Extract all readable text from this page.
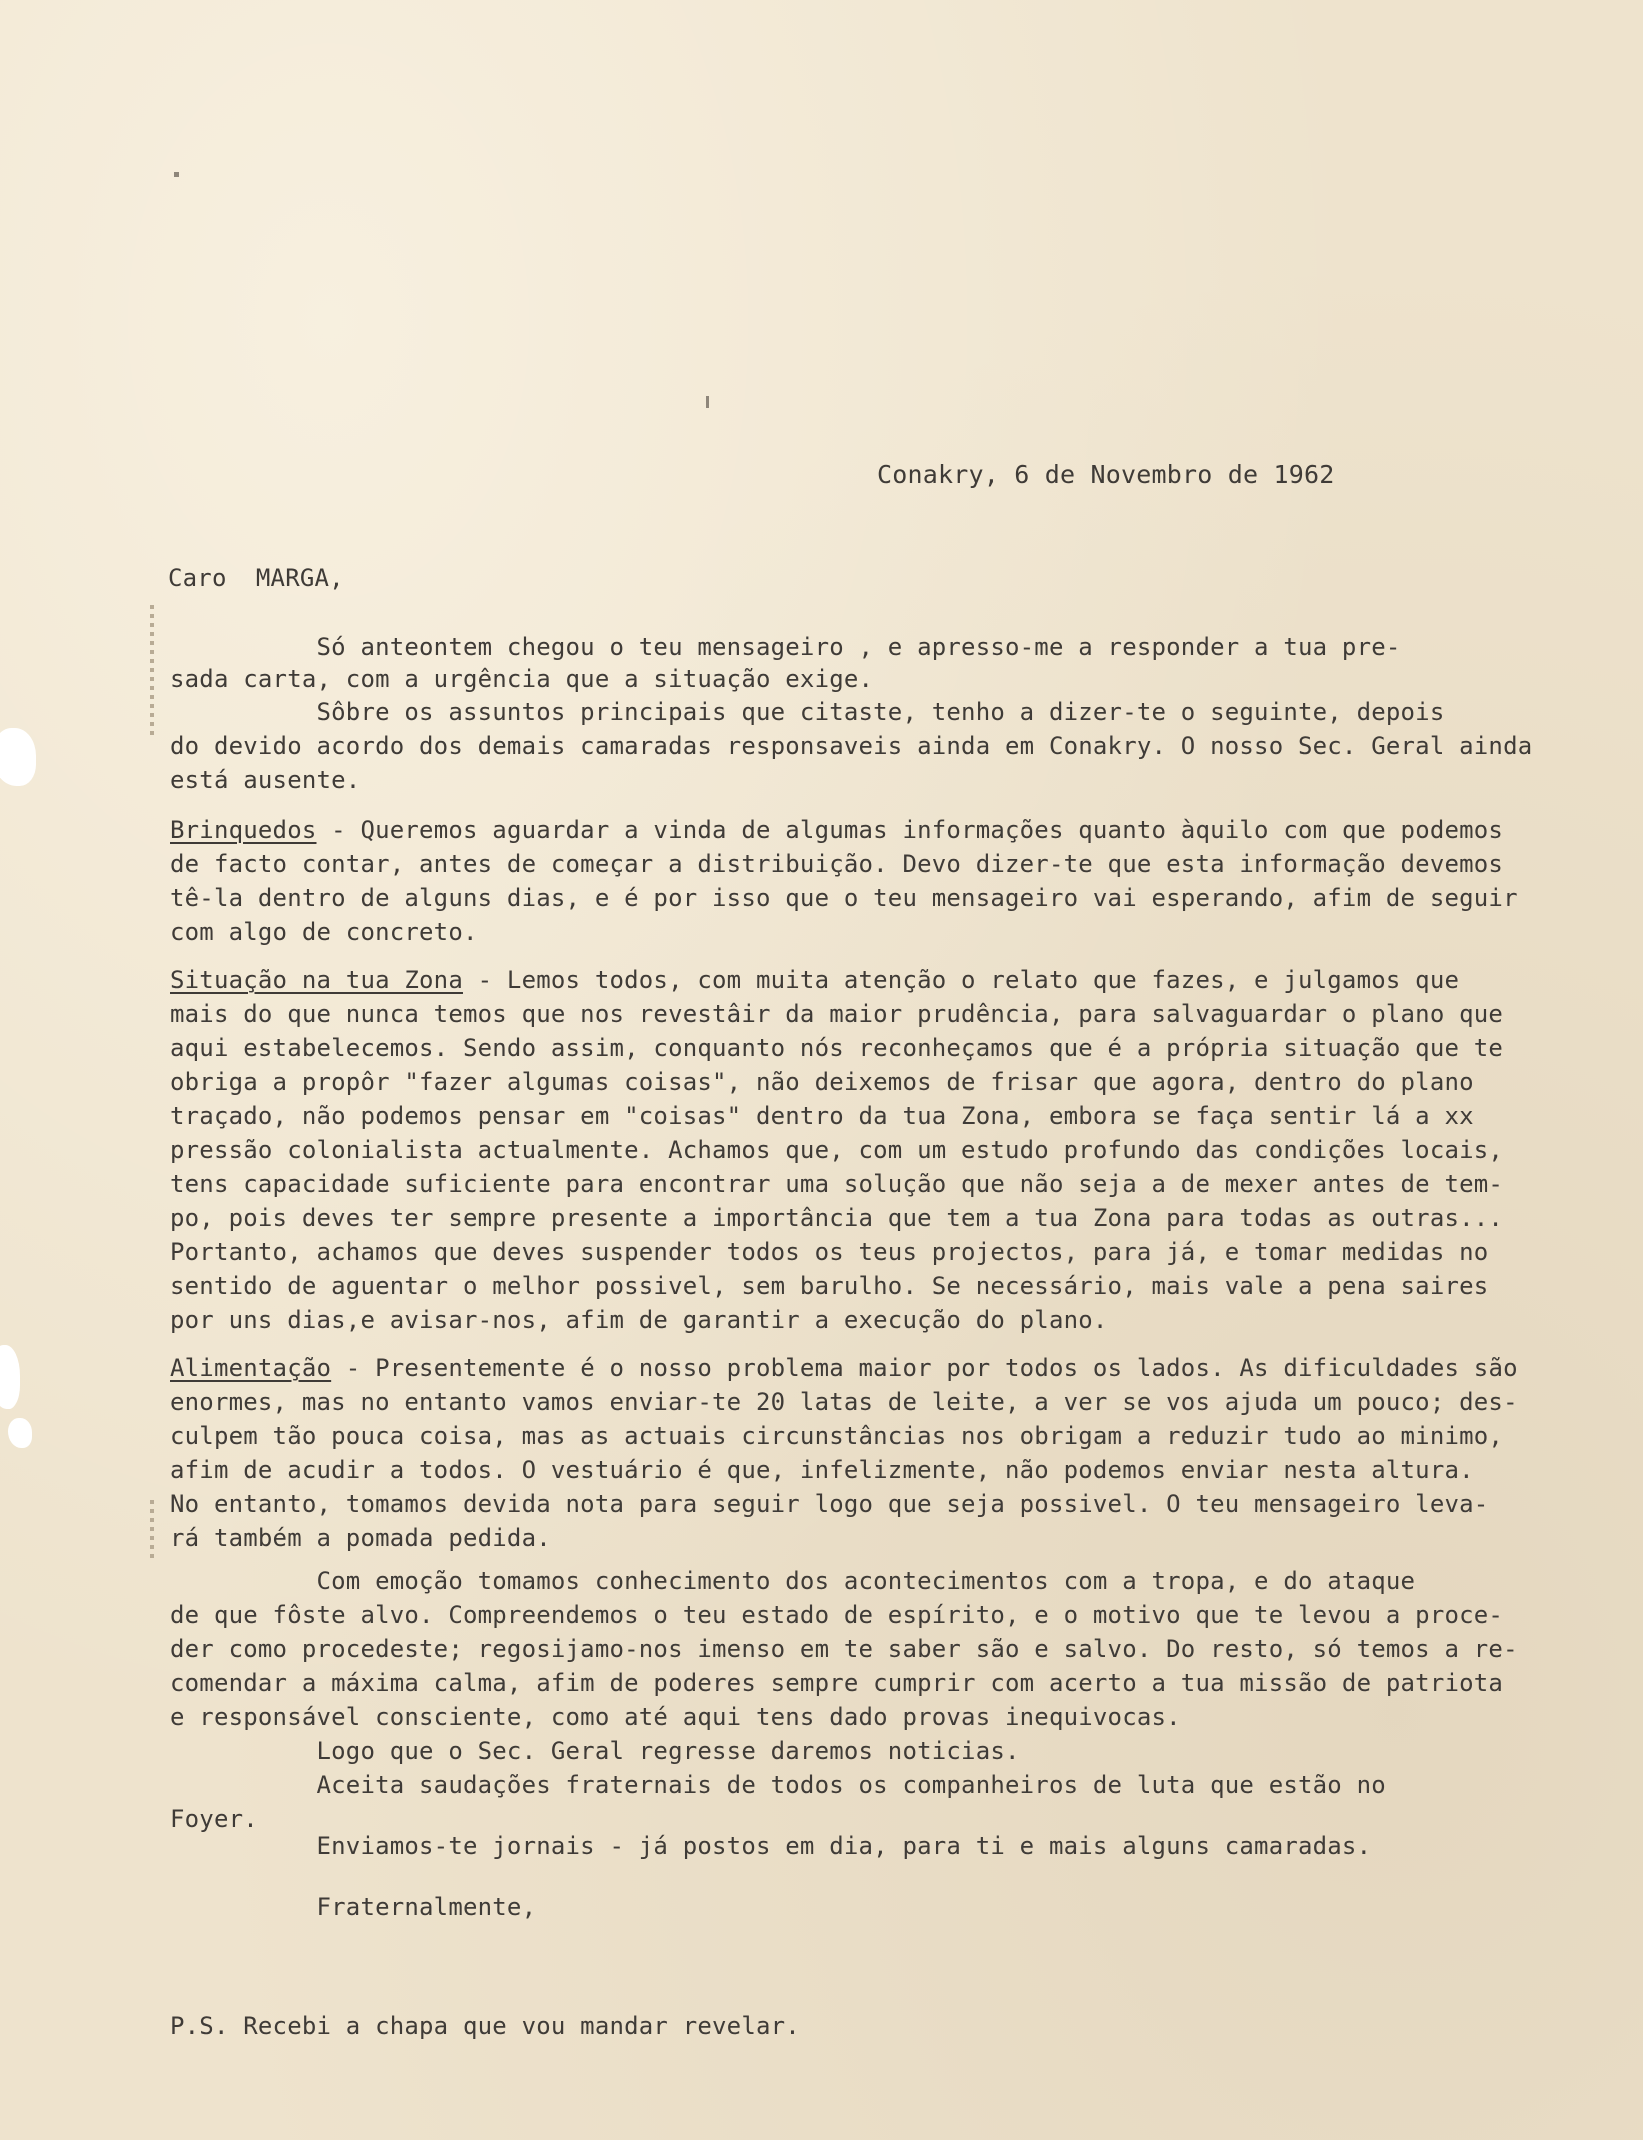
Conakry, 6 de Novembro de 1962
Caro  MARGA,
Só anteontem chegou o teu mensageiro , e apresso-me a responder a tua pre-
sada carta, com a urgência que a situação exige.
Sôbre os assuntos principais que citaste, tenho a dizer-te o seguinte, depois
do devido acordo dos demais camaradas responsaveis ainda em Conakry. O nosso Sec. Geral ainda
está ausente.
Brinquedos - Queremos aguardar a vinda de algumas informações quanto àquilo com que podemos
de facto contar, antes de começar a distribuição. Devo dizer-te que esta informação devemos
tê-la dentro de alguns dias, e é por isso que o teu mensageiro vai esperando, afim de seguir
com algo de concreto.
Situação na tua Zona - Lemos todos, com muita atenção o relato que fazes, e julgamos que
mais do que nunca temos que nos revestâir da maior prudência, para salvaguardar o plano que
aqui estabelecemos. Sendo assim, conquanto nós reconheçamos que é a própria situação que te
obriga a propôr "fazer algumas coisas", não deixemos de frisar que agora, dentro do plano
traçado, não podemos pensar em "coisas" dentro da tua Zona, embora se faça sentir lá a xx
pressão colonialista actualmente. Achamos que, com um estudo profundo das condições locais,
tens capacidade suficiente para encontrar uma solução que não seja a de mexer antes de tem-
po, pois deves ter sempre presente a importância que tem a tua Zona para todas as outras...
Portanto, achamos que deves suspender todos os teus projectos, para já, e tomar medidas no
sentido de aguentar o melhor possivel, sem barulho. Se necessário, mais vale a pena saires
por uns dias,e avisar-nos, afim de garantir a execução do plano.
Alimentação - Presentemente é o nosso problema maior por todos os lados. As dificuldades são
enormes, mas no entanto vamos enviar-te 20 latas de leite, a ver se vos ajuda um pouco; des-
culpem tão pouca coisa, mas as actuais circunstâncias nos obrigam a reduzir tudo ao minimo,
afim de acudir a todos. O vestuário é que, infelizmente, não podemos enviar nesta altura.
No entanto, tomamos devida nota para seguir logo que seja possivel. O teu mensageiro leva-
rá também a pomada pedida.
Com emoção tomamos conhecimento dos acontecimentos com a tropa, e do ataque
de que fôste alvo. Compreendemos o teu estado de espírito, e o motivo que te levou a proce-
der como procedeste; regosijamo-nos imenso em te saber são e salvo. Do resto, só temos a re-
comendar a máxima calma, afim de poderes sempre cumprir com acerto a tua missão de patriota
e responsável consciente, como até aqui tens dado provas inequivocas.
Logo que o Sec. Geral regresse daremos noticias.
Aceita saudações fraternais de todos os companheiros de luta que estão no
Foyer.
Enviamos-te jornais - já postos em dia, para ti e mais alguns camaradas.
Fraternalmente,
P.S. Recebi a chapa que vou mandar revelar.
